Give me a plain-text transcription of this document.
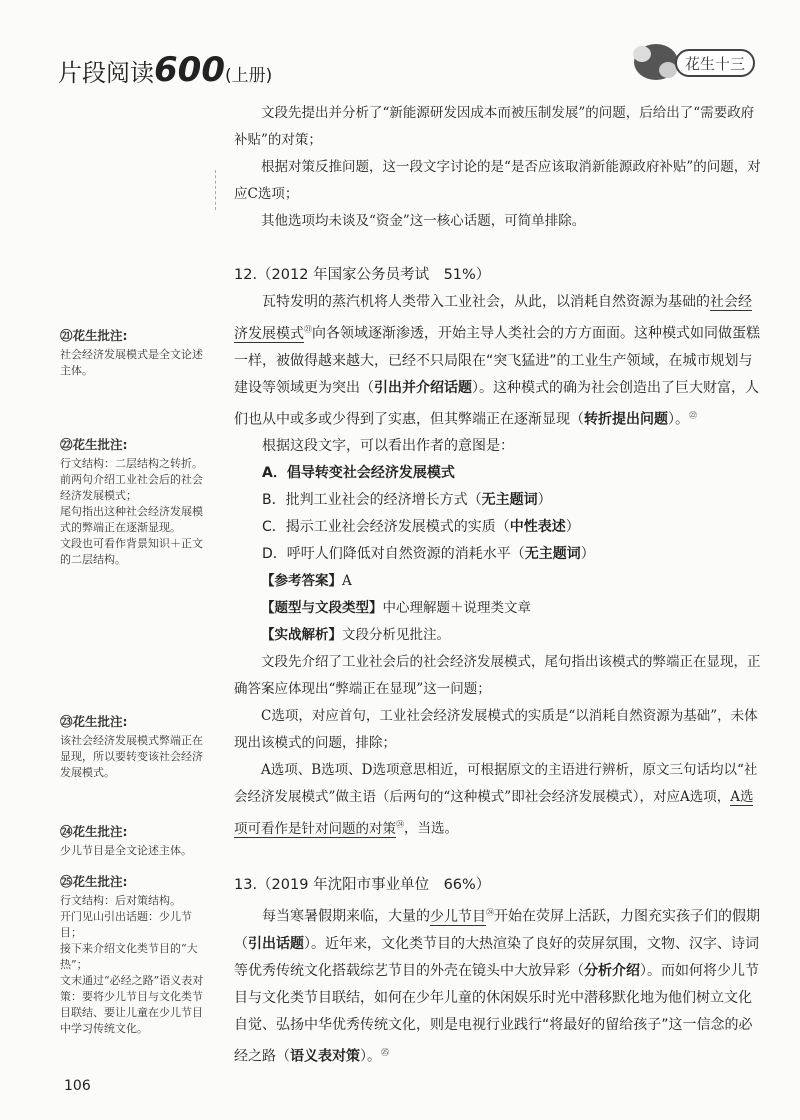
片段阅读600(上册)
花生十三

文段先提出并分析了“新能源研发因成本而被压制发展”的问题，后给出了“需要政府补贴”的对策；

根据对策反推问题，这一段文字讨论的是“是否应该取消新能源政府补贴”的问题，对应C选项；

其他选项均未谈及“资金”这一核心话题，可简单排除。

12.（2012 年国家公务员考试　51%）

瓦特发明的蒸汽机将人类带入工业社会，从此，以消耗自然资源为基础的社会经济发展模式$^㉑$向各领域逐渐渗透，开始主导人类社会的方方面面。这种模式如同做蛋糕一样，被做得越来越大，已经不只局限在“突飞猛进”的工业生产领域，在城市规划与建设等领域更为突出（引出并介绍话题）。这种模式的确为社会创造出了巨大财富，人们也从中或多或少得到了实惠，但其弊端正在逐渐显现（转折提出问题）。$^㉒$

根据这段文字，可以看出作者的意图是：

A．倡导转变社会经济发展模式

B．批判工业社会的经济增长方式（无主题词）

C．揭示工业社会经济发展模式的实质（中性表述）

D．呼吁人们降低对自然资源的消耗水平（无主题词）

【参考答案】A

【题型与文段类型】中心理解题＋说理类文章

【实战解析】文段分析见批注。

文段先介绍了工业社会后的社会经济发展模式，尾句指出该模式的弊端正在显现，正确答案应体现出“弊端正在显现”这一问题；

C选项，对应首句，工业社会经济发展模式的实质是“以消耗自然资源为基础”，未体现出该模式的问题，排除；

A选项、B选项、D选项意思相近，可根据原文的主语进行辨析，原文三句话均以“社会经济发展模式”做主语（后两句的“这种模式”即社会经济发展模式），对应A选项，A选项可看作是针对问题的对策$^㉔$，当选。

13.（2019 年沈阳市事业单位　66%）

每当寒暑假期来临，大量的少儿节目$^㉔$开始在荧屏上活跃，力图充实孩子们的假期（引出话题）。近年来，文化类节目的大热渲染了良好的荧屏氛围，文物、汉字、诗词等优秀传统文化搭载综艺节目的外壳在镜头中大放异彩（分析介绍）。而如何将少儿节目与文化类节目联结，如何在少年儿童的休闲娱乐时光中潜移默化地为他们树立文化自觉、弘扬中华优秀传统文化，则是电视行业践行“将最好的留给孩子”这一信念的必经之路（语义表对策）。$^㉕$

㉑花生批注:

社会经济发展模式是全文论述主体。

㉒花生批注:

行文结构：二层结构之转折。

前两句介绍工业社会后的社会经济发展模式；

尾句指出这种社会经济发展模式的弊端正在逐渐显现。

文段也可看作背景知识＋正文的二层结构。

㉓花生批注:

该社会经济发展模式弊端正在显现，所以要转变该社会经济发展模式。

㉔花生批注:

少儿节目是全文论述主体。

㉕花生批注:

行文结构：后对策结构。

开门见山引出话题：少儿节目；

接下来介绍文化类节目的“大热”；

文末通过“必经之路”语义表对策：要将少儿节目与文化类节目联结、要让儿童在少儿节目中学习传统文化。

106
